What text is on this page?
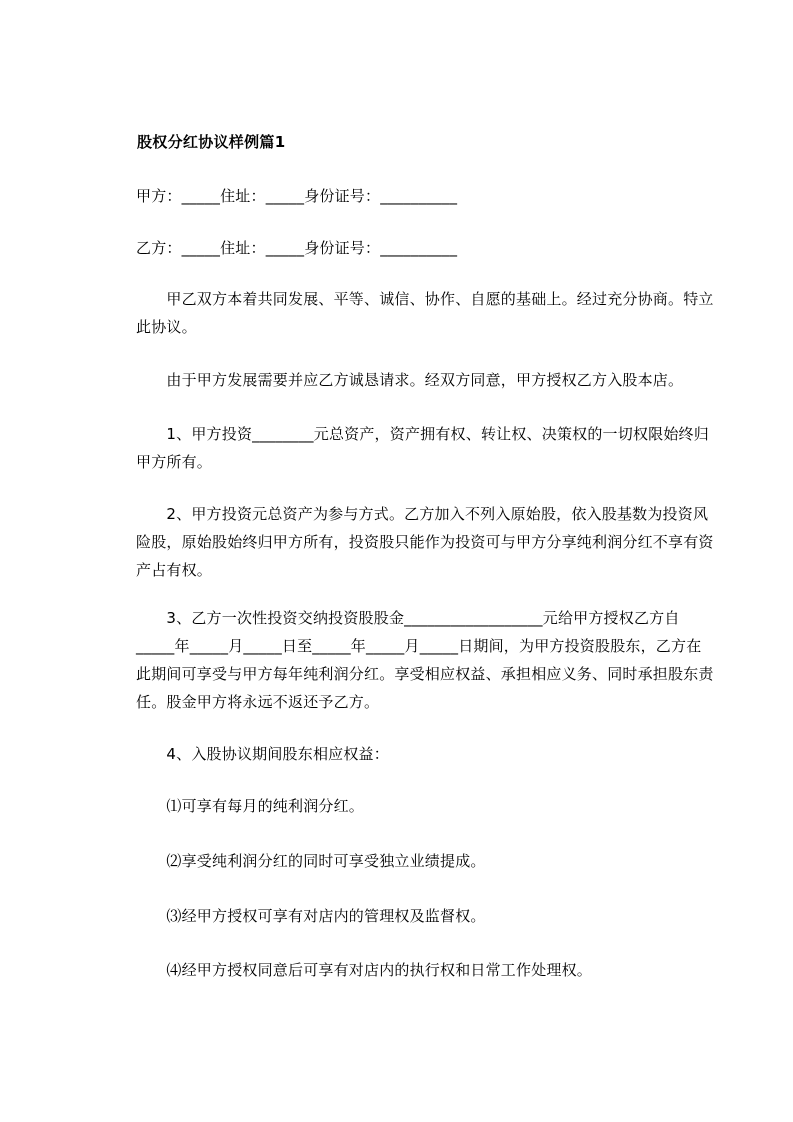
股权分红协议样例篇1
甲方：_____住址：_____身份证号：__________
乙方：_____住址：_____身份证号：__________
　　甲乙双方本着共同发展、平等、诚信、协作、自愿的基础上。经过充分协商。特立此协议。
　　由于甲方发展需要并应乙方诚恳请求。经双方同意，甲方授权乙方入股本店。
　　1、甲方投资________元总资产，资产拥有权、转让权、决策权的一切权限始终归甲方所有。
　　2、甲方投资元总资产为参与方式。乙方加入不列入原始股，依入股基数为投资风险股，原始股始终归甲方所有，投资股只能作为投资可与甲方分享纯利润分红不享有资产占有权。
　　3、乙方一次性投资交纳投资股股金__________________元给甲方授权乙方自_____年_____月_____日至_____年_____月_____日期间，为甲方投资股股东，乙方在此期间可享受与甲方每年纯利润分红。享受相应权益、承担相应义务、同时承担股东责任。股金甲方将永远不返还予乙方。
　　4、入股协议期间股东相应权益：
　　⑴可享有每月的纯利润分红。
　　⑵享受纯利润分红的同时可享受独立业绩提成。
　　⑶经甲方授权可享有对店内的管理权及监督权。
　　⑷经甲方授权同意后可享有对店内的执行权和日常工作处理权。
